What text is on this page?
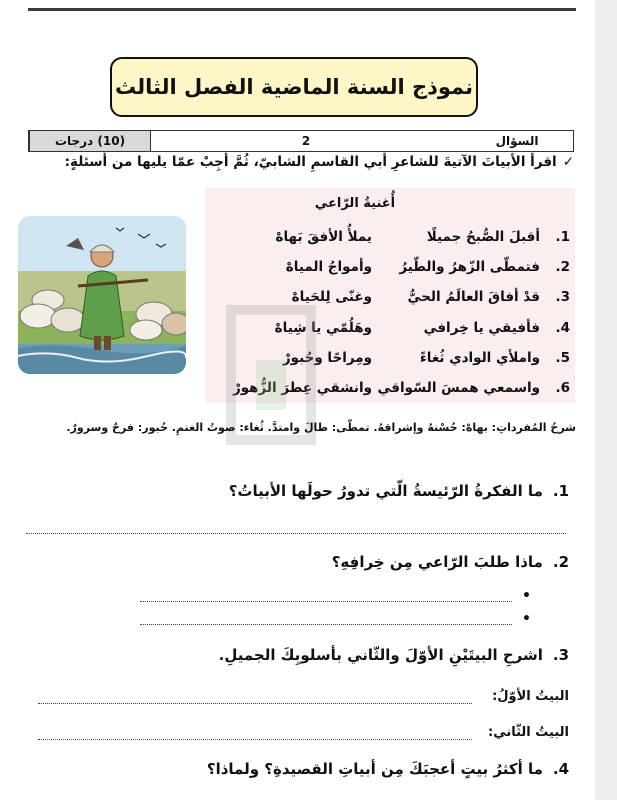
نموذج السنة الماضية الفصل الثالث
السؤال
2
(10) درجات
✓اقرأ الأبياتَ الآتيةَ للشاعرِ أبي القاسمِ الشابيّ، ثُمَّ أجِبْ عمّا يليها من أسئلةٍ:
أُغنيةُ الرّاعي
1.
أقبلَ الصُّبحُ جميلًا
يملأُ الأفقَ بَهاهْ
2.
فتمطّى الزّهرُ والطّيرُ
وأمواجُ المياهْ
3.
قدْ أفاقَ العالَمُ الحيُّ
وغنّى لِلحَياهْ
4.
فأفيقي يا خِرافي
وهَلُمّي يا شِياهْ
5.
واملأي الوادي ثُغاءً
ومِراحًا وحُبورْ
6.
واسمعي همسَ السّواقي
وانشقي عِطرَ الزُّهورْ
شرحُ المُفرداتِ: بهاهْ: حُسْنهُ وإشراقهُ. تمطّى: طالَ وامتدَّ. ثُغاء: صوتُ الغنمِ. حُبور: فرحٌ وسرورٌ.
1.ما الفكرةُ الرّئيسةُ الّتي تدورُ حولَها الأبياتُ؟
2.ماذا طلبَ الرّاعي مِن خِرافِهِ؟
•
•
3.اشرحِ البيتَيْنِ الأوّلَ والثّاني بأسلوبِكَ الجميلِ.
البيتُ الأوّلُ:
البيتُ الثّاني:
4.ما أكثرُ بيتٍ أعجبَكَ مِن أبياتِ القصيدةِ؟ ولماذا؟
